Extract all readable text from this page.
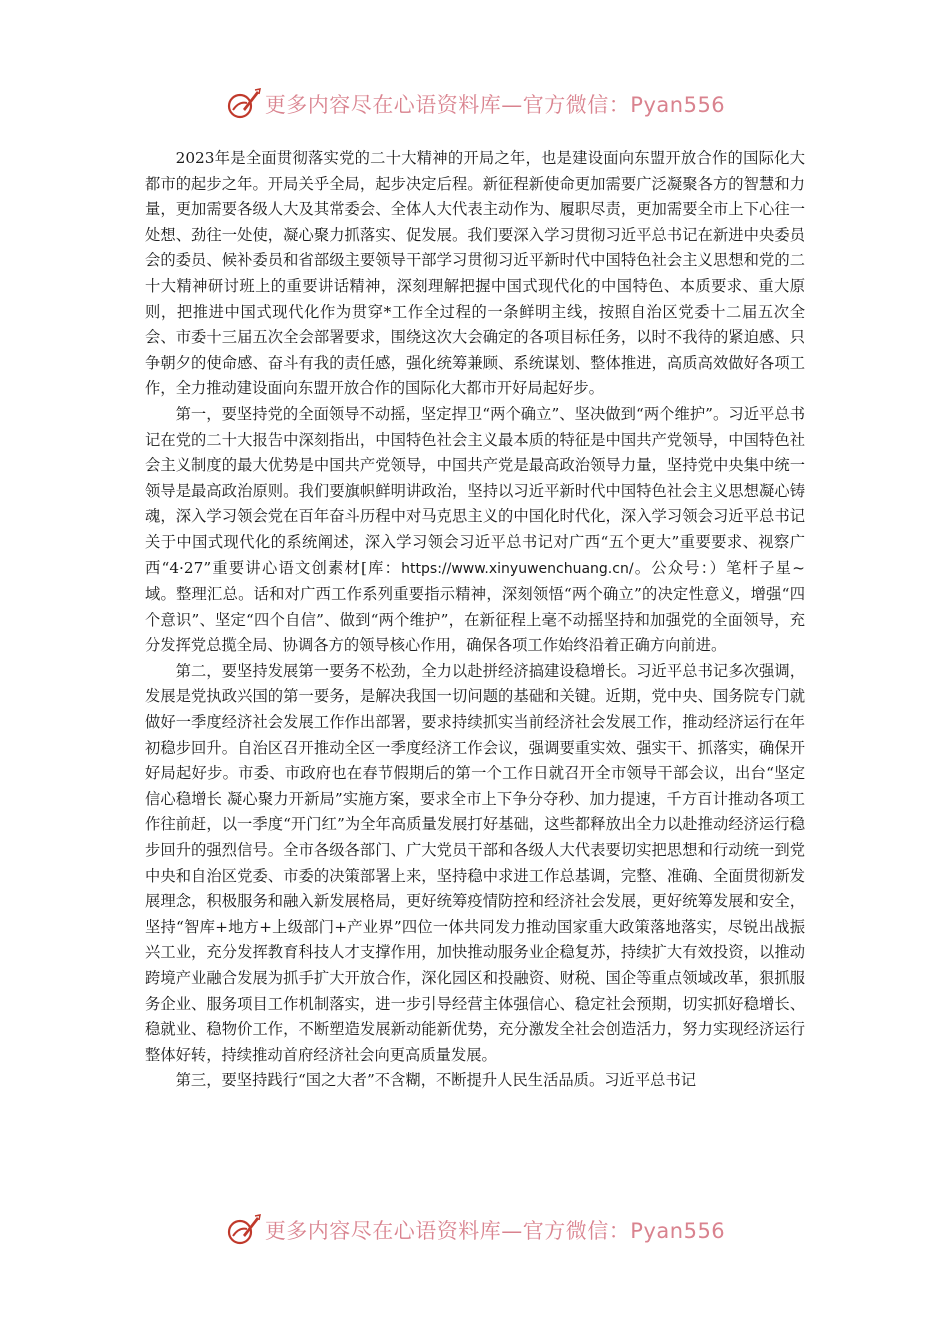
更多内容尽在心语资料库—官方微信：Pyan556

2023年是全面贯彻落实党的二十大精神的开局之年，也是建设面向东盟开放合作的国际化大都市的起步之年。开局关乎全局，起步决定后程。新征程新使命更加需要广泛凝聚各方的智慧和力量，更加需要各级人大及其常委会、全体人大代表主动作为、履职尽责，更加需要全市上下心往一处想、劲往一处使，凝心聚力抓落实、促发展。我们要深入学习贯彻习近平总书记在新进中央委员会的委员、候补委员和省部级主要领导干部学习贯彻习近平新时代中国特色社会主义思想和党的二十大精神研讨班上的重要讲话精神，深刻理解把握中国式现代化的中国特色、本质要求、重大原则，把推进中国式现代化作为贯穿*工作全过程的一条鲜明主线，按照自治区党委十二届五次全会、市委十三届五次全会部署要求，围绕这次大会确定的各项目标任务，以时不我待的紧迫感、只争朝夕的使命感、奋斗有我的责任感，强化统筹兼顾、系统谋划、整体推进，高质高效做好各项工作，全力推动建设面向东盟开放合作的国际化大都市开好局起好步。

第一，要坚持党的全面领导不动摇，坚定捍卫“两个确立”、坚决做到“两个维护”。习近平总书记在党的二十大报告中深刻指出，中国特色社会主义最本质的特征是中国共产党领导，中国特色社会主义制度的最大优势是中国共产党领导，中国共产党是最高政治领导力量，坚持党中央集中统一领导是最高政治原则。我们要旗帜鲜明讲政治，坚持以习近平新时代中国特色社会主义思想凝心铸魂，深入学习领会党在百年奋斗历程中对马克思主义的中国化时代化，深入学习领会习近平总书记关于中国式现代化的系统阐述，深入学习领会习近平总书记对广西“五个更大”重要要求、视察广西“4·27”重要讲心语文创素材[库：https://www.xinyuwenchuang.cn/。公众号：）笔杆子星~域。整理汇总。话和对广西工作系列重要指示精神，深刻领悟“两个确立”的决定性意义，增强“四个意识”、坚定“四个自信”、做到“两个维护”，在新征程上毫不动摇坚持和加强党的全面领导，充分发挥党总揽全局、协调各方的领导核心作用，确保各项工作始终沿着正确方向前进。

第二，要坚持发展第一要务不松劲，全力以赴拼经济搞建设稳增长。习近平总书记多次强调，发展是党执政兴国的第一要务，是解决我国一切问题的基础和关键。近期，党中央、国务院专门就做好一季度经济社会发展工作作出部署，要求持续抓实当前经济社会发展工作，推动经济运行在年初稳步回升。自治区召开推动全区一季度经济工作会议，强调要重实效、强实干、抓落实，确保开好局起好步。市委、市政府也在春节假期后的第一个工作日就召开全市领导干部会议，出台“坚定信心稳增长 凝心聚力开新局”实施方案，要求全市上下争分夺秒、加力提速，千方百计推动各项工作往前赶，以一季度“开门红”为全年高质量发展打好基础，这些都释放出全力以赴推动经济运行稳步回升的强烈信号。全市各级各部门、广大党员干部和各级人大代表要切实把思想和行动统一到党中央和自治区党委、市委的决策部署上来，坚持稳中求进工作总基调，完整、准确、全面贯彻新发展理念，积极服务和融入新发展格局，更好统筹疫情防控和经济社会发展，更好统筹发展和安全，坚持“智库+地方+上级部门+产业界”四位一体共同发力推动国家重大政策落地落实，尽锐出战振兴工业，充分发挥教育科技人才支撑作用，加快推动服务业企稳复苏，持续扩大有效投资，以推动跨境产业融合发展为抓手扩大开放合作，深化园区和投融资、财税、国企等重点领域改革，狠抓服务企业、服务项目工作机制落实，进一步引导经营主体强信心、稳定社会预期，切实抓好稳增长、稳就业、稳物价工作，不断塑造发展新动能新优势，充分激发全社会创造活力，努力实现经济运行整体好转，持续推动首府经济社会向更高质量发展。

第三，要坚持践行“国之大者”不含糊，不断提升人民生活品质。习近平总书记

更多内容尽在心语资料库—官方微信：Pyan556
